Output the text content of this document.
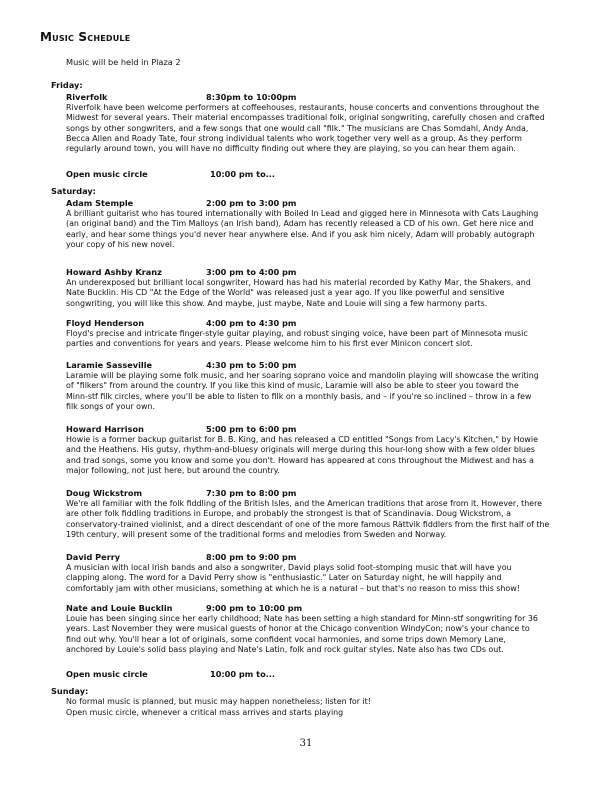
Music Schedule
Music will be held in Plaza 2
Friday:
Saturday:
Sunday:
Riverfolk	8:30pm to 10:00pm
Riverfolk have been welcome performers at coffeehouses, restaurants, house concerts and conventions throughout the
Midwest for several years. Their material encompasses traditional folk, original songwriting, carefully chosen and crafted
songs by other songwriters, and a few songs that one would call "filk." The musicians are Chas Somdahl, Andy Anda,
Becca Allen and Roady Tate, four strong individual talents who work together very well as a group. As they perform
regularly around town, you will have no difficulty finding out where they are playing, so you can hear them again.
Open music circle	10:00 pm to...
Adam Stemple	2:00 pm to 3:00 pm
A brilliant guitarist who has toured internationally with Boiled In Lead and gigged here in Minnesota with Cats Laughing
(an original band) and the Tim Malloys (an Irish band), Adam has recently released a CD of his own. Get here nice and
early, and hear some things you'd never hear anywhere else. And if you ask him nicely, Adam will probably autograph
your copy of his new novel.
Howard Ashby Kranz	3:00 pm to 4:00 pm
An underexposed but brilliant local songwriter, Howard has had his material recorded by Kathy Mar, the Shakers, and
Nate Bucklin. His CD "At the Edge of the World" was released just a year ago. If you like powerful and sensitive
songwriting, you will like this show. And maybe, just maybe, Nate and Louie will sing a few harmony parts.
Floyd Henderson	4:00 pm to 4:30 pm
Floyd's precise and intricate finger-style guitar playing, and robust singing voice, have been part of Minnesota music
parties and conventions for years and years. Please welcome him to his first ever Minicon concert slot.
Laramie Sasseville	4:30 pm to 5:00 pm
Laramie will be playing some folk music, and her soaring soprano voice and mandolin playing will showcase the writing
of "filkers" from around the country. If you like this kind of music, Laramie will also be able to steer you toward the
Minn-stf filk circles, where you'll be able to listen to filk on a monthly basis, and – if you're so inclined – throw in a few
filk songs of your own.
Howard Harrison	5:00 pm to 6:00 pm
Howie is a former backup guitarist for B. B. King, and has released a CD entitled "Songs from Lacy's Kitchen," by Howie
and the Heathens. His gutsy, rhythm-and-bluesy originals will merge during this hour-long show with a few older blues
and trad songs, some you know and some you don't. Howard has appeared at cons throughout the Midwest and has a
major following, not just here, but around the country.
Doug Wickstrom	7:30 pm to 8:00 pm
We're all familiar with the folk fiddling of the British Isles, and the American traditions that arose from it. However, there
are other folk fiddling traditions in Europe, and probably the strongest is that of Scandinavia. Doug Wickstrom, a
conservatory-trained violinist, and a direct descendant of one of the more famous Rättvik fiddlers from the first half of the
19th century, will present some of the traditional forms and melodies from Sweden and Norway.
David Perry	8:00 pm to 9:00 pm
A musician with local Irish bands and also a songwriter, David plays solid foot-stomping music that will have you
clapping along. The word for a David Perry show is "enthusiastic." Later on Saturday night, he will happily and
comfortably jam with other musicians, something at which he is a natural – but that's no reason to miss this show!
Nate and Louie Bucklin	9:00 pm to 10:00 pm
Louie has been singing since her early childhood; Nate has been setting a high standard for Minn-stf songwriting for 36
years. Last November they were musical guests of honor at the Chicago convention WindyCon; now's your chance to
find out why. You'll hear a lot of originals, some confident vocal harmonies, and some trips down Memory Lane,
anchored by Louie's solid bass playing and Nate's Latin, folk and rock guitar styles. Nate also has two CDs out.
Open music circle	10:00 pm to...
No formal music is planned, but music may happen nonetheless; listen for it!
Open music circle, whenever a critical mass arrives and starts playing
31
